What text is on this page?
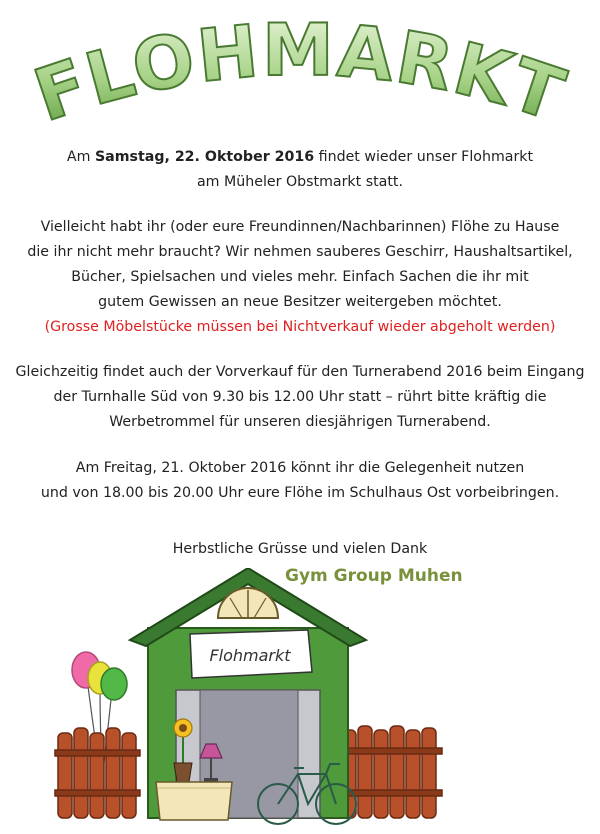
FLOHMARKT
Am Samstag, 22. Oktober 2016 findet wieder unser Flohmarkt
am Müheler Obstmarkt statt.
Vielleicht habt ihr (oder eure Freundinnen/Nachbarinnen) Flöhe zu Hause
die ihr nicht mehr braucht? Wir nehmen sauberes Geschirr, Haushaltsartikel,
Bücher, Spielsachen und vieles mehr. Einfach Sachen die ihr mit
gutem Gewissen an neue Besitzer weitergeben möchtet.
(Grosse Möbelstücke müssen bei Nichtverkauf wieder abgeholt werden)
Gleichzeitig findet auch der Vorverkauf für den Turnerabend 2016 beim Eingang
der Turnhalle Süd von 9.30 bis 12.00 Uhr statt – rührt bitte kräftig die
Werbetrommel für unseren diesjährigen Turnerabend.
Am Freitag, 21. Oktober 2016 könnt ihr die Gelegenheit nutzen
und von 18.00 bis 20.00 Uhr eure Flöhe im Schulhaus Ost vorbeibringen.
Herbstliche Grüsse und vielen Dank
Flohmarkt
Gym Group Muhen
